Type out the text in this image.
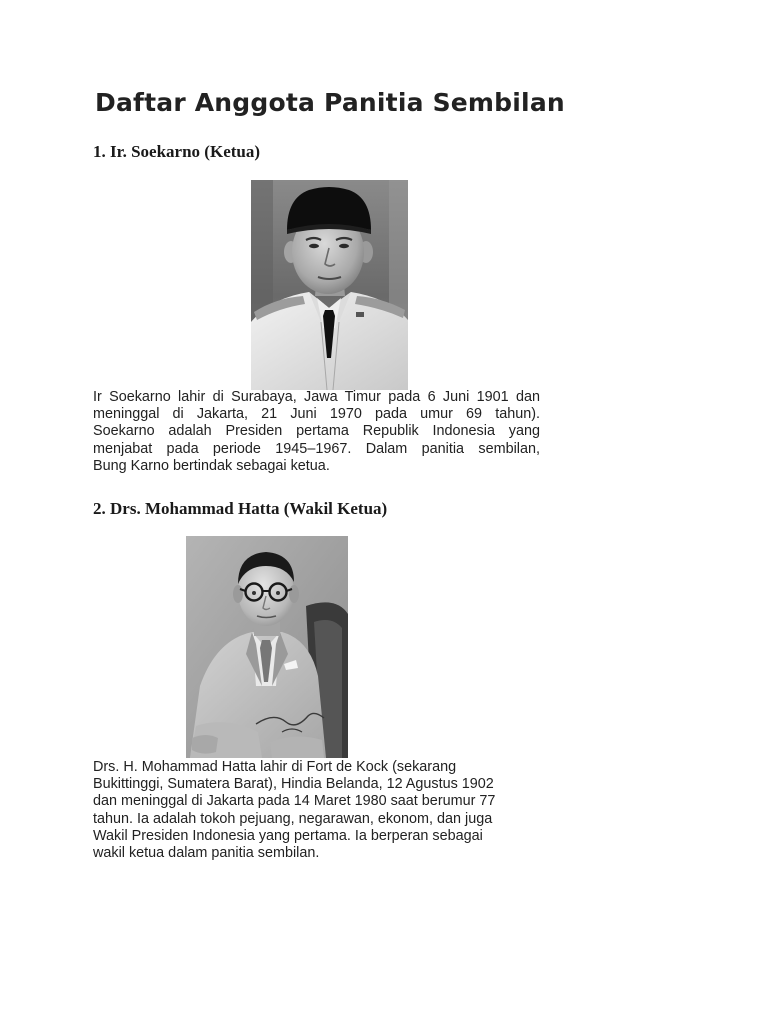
Daftar Anggota Panitia Sembilan
1. Ir. Soekarno (Ketua)

Ir Soekarno lahir di Surabaya, Jawa Timur pada 6 Juni 1901 dan
meninggal di Jakarta, 21 Juni 1970 pada umur 69 tahun).
Soekarno adalah Presiden pertama Republik Indonesia yang
menjabat pada periode 1945–1967. Dalam panitia sembilan,
Bung Karno bertindak sebagai ketua.

2. Drs. Mohammad Hatta (Wakil Ketua)

Drs. H. Mohammad Hatta lahir di Fort de Kock (sekarang
Bukittinggi, Sumatera Barat), Hindia Belanda, 12 Agustus 1902
dan meninggal di Jakarta pada 14 Maret 1980 saat berumur 77
tahun. Ia adalah tokoh pejuang, negarawan, ekonom, dan juga
Wakil Presiden Indonesia yang pertama. Ia berperan sebagai
wakil ketua dalam panitia sembilan.
